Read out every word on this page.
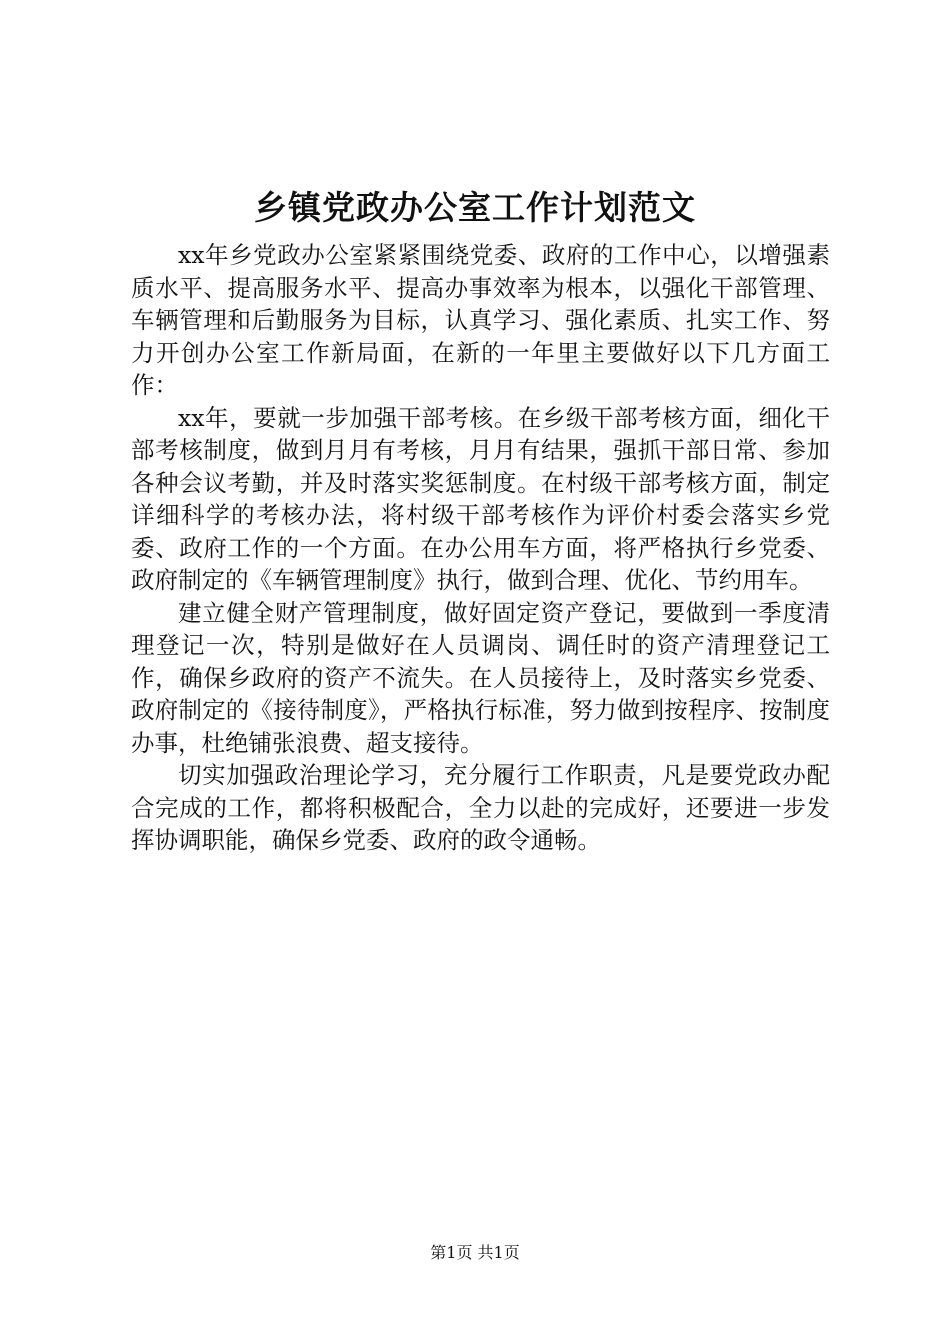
乡镇党政办公室工作计划范文

xx年乡党政办公室紧紧围绕党委、政府的工作中心，以增强素质水平、提高服务水平、提高办事效率为根本，以强化干部管理、车辆管理和后勤服务为目标，认真学习、强化素质、扎实工作、努力开创办公室工作新局面，在新的一年里主要做好以下几方面工作：

xx年，要就一步加强干部考核。在乡级干部考核方面，细化干部考核制度，做到月月有考核，月月有结果，强抓干部日常、参加各种会议考勤，并及时落实奖惩制度。在村级干部考核方面，制定详细科学的考核办法，将村级干部考核作为评价村委会落实乡党委、政府工作的一个方面。在办公用车方面，将严格执行乡党委、政府制定的《车辆管理制度》执行，做到合理、优化、节约用车。

建立健全财产管理制度，做好固定资产登记，要做到一季度清理登记一次，特别是做好在人员调岗、调任时的资产清理登记工作，确保乡政府的资产不流失。在人员接待上，及时落实乡党委、政府制定的《接待制度》，严格执行标准，努力做到按程序、按制度办事，杜绝铺张浪费、超支接待。

切实加强政治理论学习，充分履行工作职责，凡是要党政办配合完成的工作，都将积极配合，全力以赴的完成好，还要进一步发挥协调职能，确保乡党委、政府的政令通畅。

第1页 共1页
